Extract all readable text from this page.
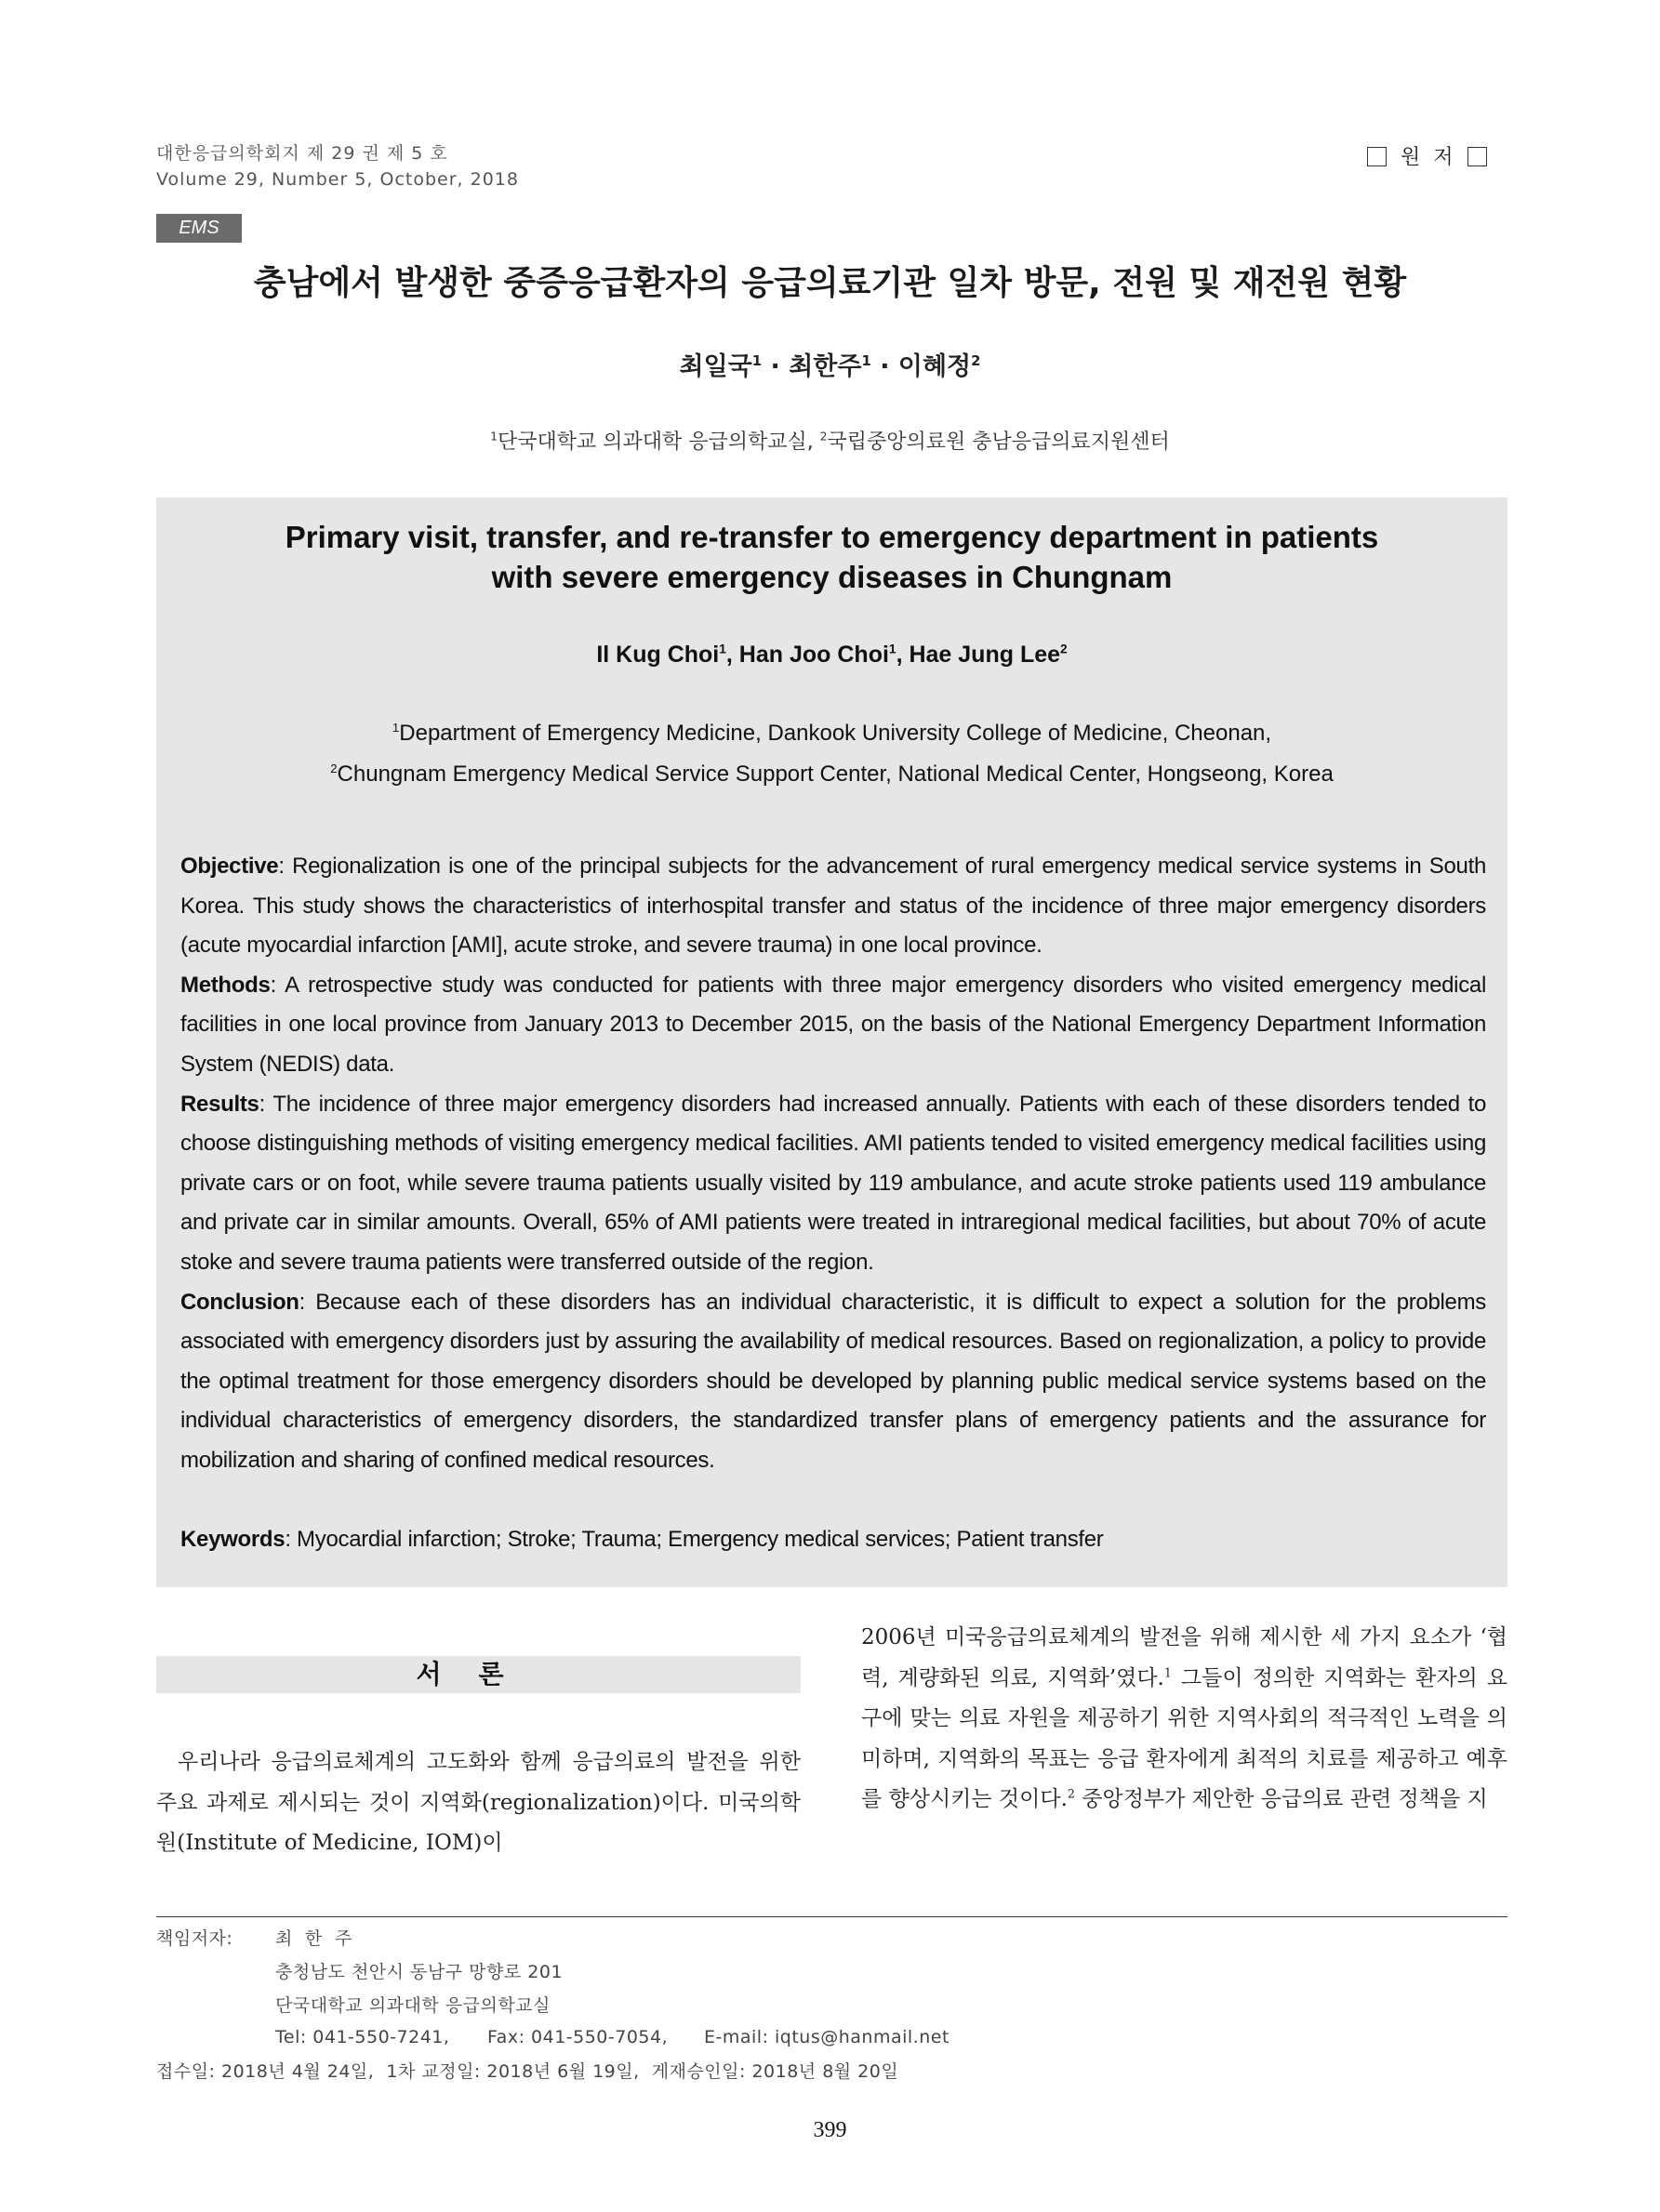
대한응급의학회지 제 29 권 제 5 호
Volume 29, Number 5, October, 2018
원  저
EMS
충남에서 발생한 중증응급환자의 응급의료기관 일차 방문, 전원 및 재전원 현황
최일국$^1$ · 최한주$^1$ · 이혜정$^2$
$^1$단국대학교 의과대학 응급의학교실, $^2$국립중앙의료원 충남응급의료지원센터
Primary visit, transfer, and re-transfer to emergency department in patients
with severe emergency diseases in Chungnam
Il Kug Choi$^1$, Han Joo Choi$^1$, Hae Jung Lee$^2$
$^1$Department of Emergency Medicine, Dankook University College of Medicine, Cheonan,
$^2$Chungnam Emergency Medical Service Support Center, National Medical Center, Hongseong, Korea

Objective: Regionalization is one of the principal subjects for the advancement of rural emergency medical service systems in South Korea. This study shows the characteristics of interhospital transfer and status of the incidence of three major emergency disorders (acute myocardial infarction [AMI], acute stroke, and severe trauma) in one local province.

Methods: A retrospective study was conducted for patients with three major emergency disorders who visited emergency medical facilities in one local province from January 2013 to December 2015, on the basis of the National Emergency Department Information System (NEDIS) data.

Results: The incidence of three major emergency disorders had increased annually. Patients with each of these disorders tended to choose distinguishing methods of visiting emergency medical facilities. AMI patients tended to visited emergency medical facilities using private cars or on foot, while severe trauma patients usually visited by 119 ambulance, and acute stroke patients used 119 ambulance and private car in similar amounts. Overall, 65% of AMI patients were treated in intraregional medical facilities, but about 70% of acute stoke and severe trauma patients were transferred outside of the region.

Conclusion: Because each of these disorders has an individual characteristic, it is difficult to expect a solution for the problems associated with emergency disorders just by assuring the availability of medical resources. Based on regionalization, a policy to provide the optimal treatment for those emergency disorders should be developed by planning public medical service systems based on the individual characteristics of emergency disorders, the standardized transfer plans of emergency patients and the assurance for mobilization and sharing of confined medical resources.

Keywords: Myocardial infarction; Stroke; Trauma; Emergency medical services; Patient transfer

서론

우리나라 응급의료체계의 고도화와 함께 응급의료의 발전을 위한 주요 과제로 제시되는 것이 지역화(regionalization)이다. 미국의학원(Institute of Medicine, IOM)이

2006년 미국응급의료체계의 발전을 위해 제시한 세 가지 요소가 ‘협력, 계량화된 의료, 지역화’였다.$^1$ 그들이 정의한 지역화는 환자의 요구에 맞는 의료 자원을 제공하기 위한 지역사회의 적극적인 노력을 의미하며, 지역화의 목표는 응급 환자에게 최적의 치료를 제공하고 예후를 향상시키는 것이다.$^2$ 중앙정부가 제안한 응급의료 관련 정책을 지

책임저자: 최  한  주
충청남도 천안시 동남구 망향로 201
단국대학교 의과대학 응급의학교실
Tel: 041-550-7241, Fax: 041-550-7054, E-mail: iqtus@hanmail.net
접수일: 2018년 4월 24일,  1차 교정일: 2018년 6월 19일,  게재승인일: 2018년 8월 20일
399
